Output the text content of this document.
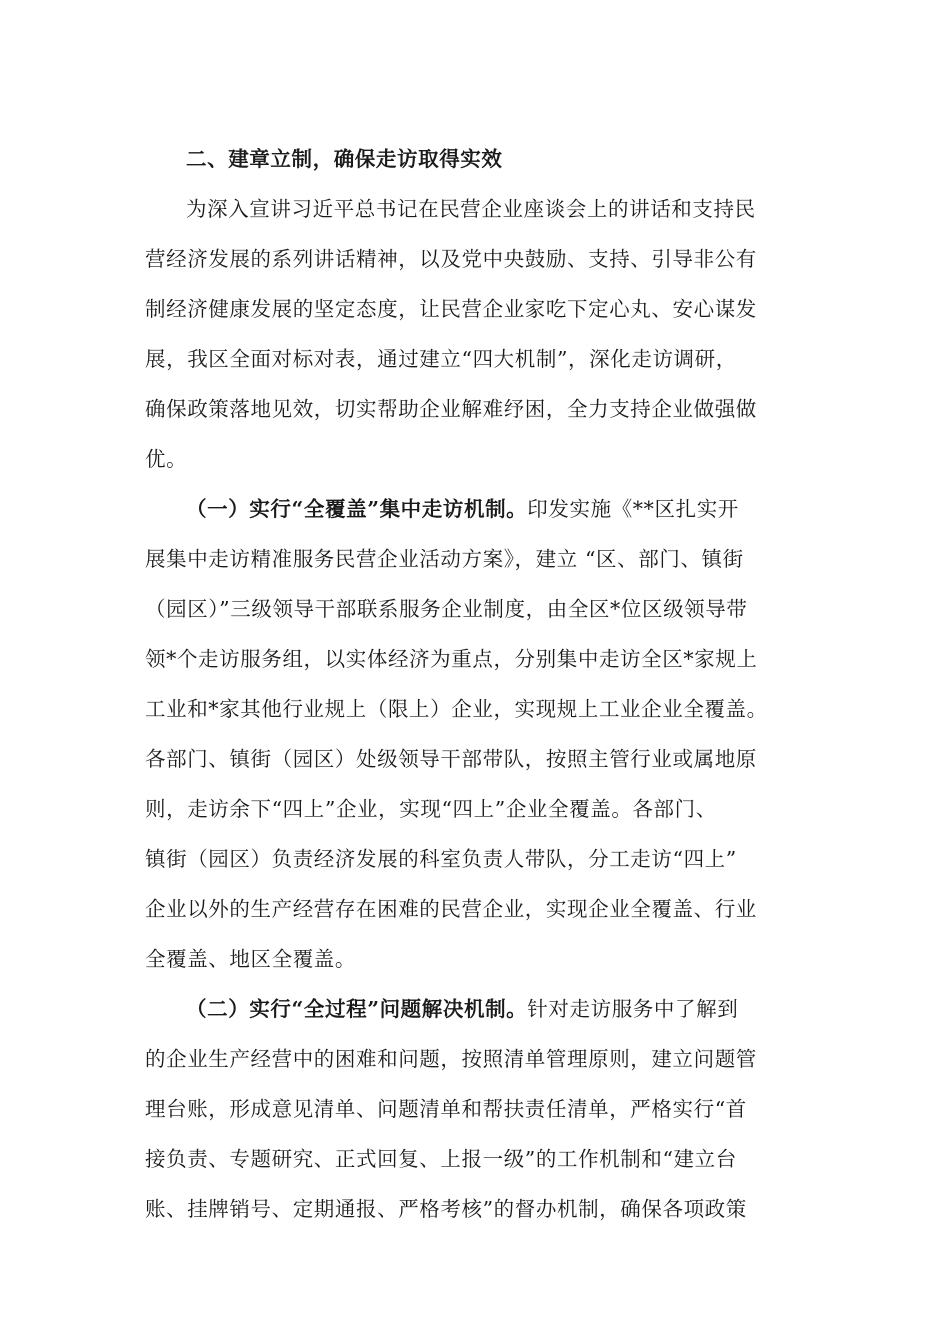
二、建章立制，确保走访取得实效
为深入宣讲习近平总书记在民营企业座谈会上的讲话和支持民
营经济发展的系列讲话精神，以及党中央鼓励、支持、引导非公有
制经济健康发展的坚定态度，让民营企业家吃下定心丸、安心谋发
展，我区全面对标对表，通过建立“四大机制”，深化走访调研，
确保政策落地见效，切实帮助企业解难纾困，全力支持企业做强做
优。
（一）实行“全覆盖”集中走访机制。印发实施《**区扎实开
展集中走访精准服务民营企业活动方案》，建立 “区、部门、镇街
（园区）”三级领导干部联系服务企业制度，由全区*位区级领导带
领*个走访服务组，以实体经济为重点，分别集中走访全区*家规上
工业和*家其他行业规上（限上）企业，实现规上工业企业全覆盖。
各部门、镇街（园区）处级领导干部带队，按照主管行业或属地原
则，走访余下“四上”企业，实现“四上”企业全覆盖。各部门、
镇街（园区）负责经济发展的科室负责人带队，分工走访“四上”
企业以外的生产经营存在困难的民营企业，实现企业全覆盖、行业
全覆盖、地区全覆盖。
（二）实行“全过程”问题解决机制。针对走访服务中了解到
的企业生产经营中的困难和问题，按照清单管理原则，建立问题管
理台账，形成意见清单、问题清单和帮扶责任清单，严格实行“首
接负责、专题研究、正式回复、上报一级”的工作机制和“建立台
账、挂牌销号、定期通报、严格考核”的督办机制，确保各项政策
